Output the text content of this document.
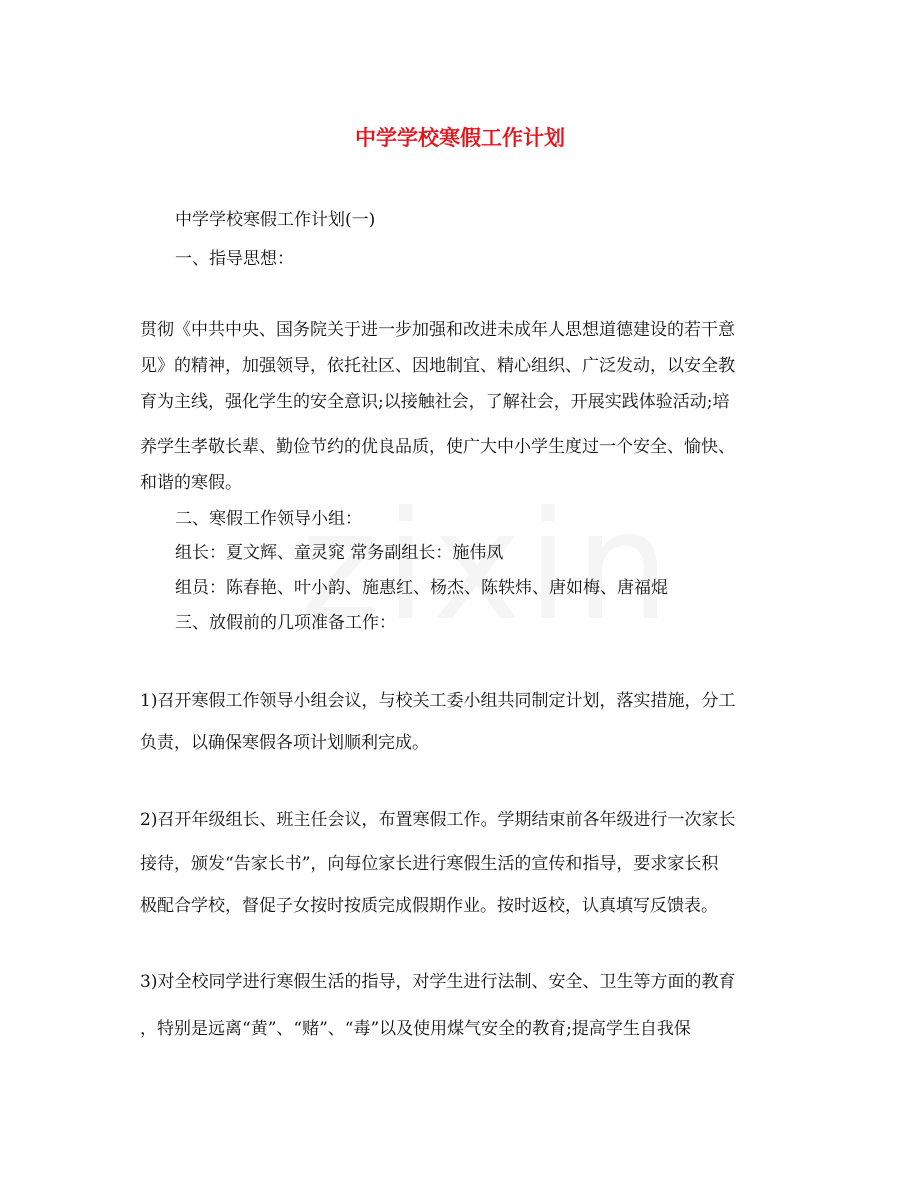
中学学校寒假工作计划

中学学校寒假工作计划(一)

一、指导思想：

贯彻《中共中央、国务院关于进一步加强和改进未成年人思想道德建设的若干意

见》的精神，加强领导，依托社区、因地制宜、精心组织、广泛发动，以安全教

育为主线，强化学生的安全意识;以接触社会，了解社会，开展实践体验活动;培

养学生孝敬长辈、勤俭节约的优良品质，使广大中小学生度过一个安全、愉快、

和谐的寒假。

二、寒假工作领导小组：

组长：夏文辉、童灵窕 常务副组长：施伟凤

组员：陈春艳、叶小韵、施惠红、杨杰、陈轶炜、唐如梅、唐福焜

三、放假前的几项准备工作：

1)召开寒假工作领导小组会议，与校关工委小组共同制定计划，落实措施，分工

负责，以确保寒假各项计划顺利完成。

2)召开年级组长、班主任会议，布置寒假工作。学期结束前各年级进行一次家长

接待，颁发“告家长书”，向每位家长进行寒假生活的宣传和指导，要求家长积

极配合学校，督促子女按时按质完成假期作业。按时返校，认真填写反馈表。

3)对全校同学进行寒假生活的指导，对学生进行法制、安全、卫生等方面的教育

，特别是远离“黄”、“赌”、“毒”以及使用煤气安全的教育;提高学生自我保
